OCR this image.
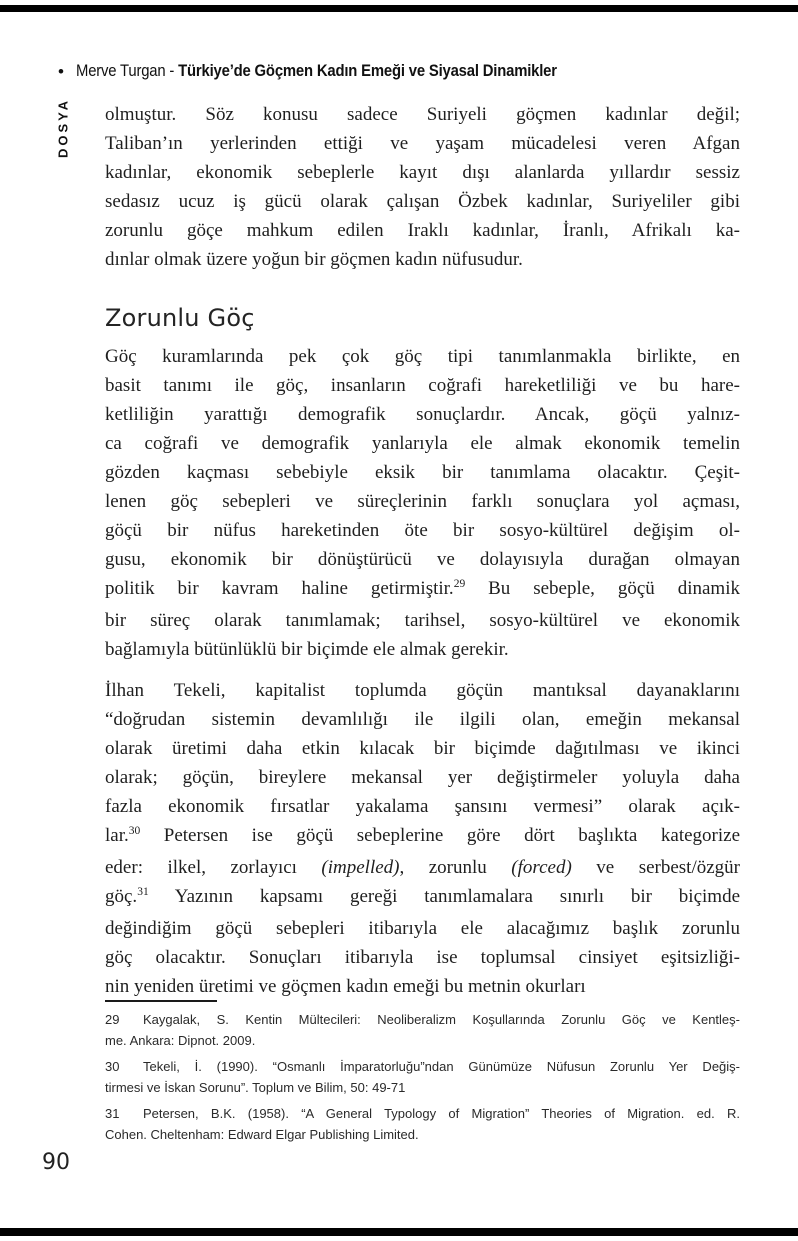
• Merve Turgan - Türkiye’de Göçmen Kadın Emeği ve Siyasal Dinamikler
DOSYA olmuştur. Söz konusu sadece Suriyeli göçmen kadınlar değil;
Taliban’ın yerlerinden ettiği ve yaşam mücadelesi veren Afgan
kadınlar, ekonomik sebeplerle kayıt dışı alanlarda yıllardır sessiz
sedasız ucuz iş gücü olarak çalışan Özbek kadınlar, Suriyeliler gibi
zorunlu göçe mahkum edilen Iraklı kadınlar, İranlı, Afrikalı ka-
dınlar olmak üzere yoğun bir göçmen kadın nüfusudur.
Zorunlu Göç
Göç kuramlarında pek çok göç tipi tanımlanmakla birlikte, en
basit tanımı ile göç, insanların coğrafi hareketliliği ve bu hare-
ketliliğin yarattığı demografik sonuçlardır. Ancak, göçü yalnız-
ca coğrafi ve demografik yanlarıyla ele almak ekonomik temelin
gözden kaçması sebebiyle eksik bir tanımlama olacaktır. Çeşit-
lenen göç sebepleri ve süreçlerinin farklı sonuçlara yol açması,
göçü bir nüfus hareketinden öte bir sosyo-kültürel değişim ol-
gusu, ekonomik bir dönüştürücü ve dolayısıyla durağan olmayan
politik bir kavram haline getirmiştir.$^{29}$ Bu sebeple, göçü dinamik
bir süreç olarak tanımlamak; tarihsel, sosyo-kültürel ve ekonomik
bağlamıyla bütünlüklü bir biçimde ele almak gerekir.
İlhan Tekeli, kapitalist toplumda göçün mantıksal dayanaklarını
“doğrudan sistemin devamlılığı ile ilgili olan, emeğin mekansal
olarak üretimi daha etkin kılacak bir biçimde dağıtılması ve ikinci
olarak; göçün, bireylere mekansal yer değiştirmeler yoluyla daha
fazla ekonomik fırsatlar yakalama şansını vermesi” olarak açık-
lar.$^{30}$ Petersen ise göçü sebeplerine göre dört başlıkta kategorize
eder: ilkel, zorlayıcı (impelled), zorunlu (forced) ve serbest/özgür
göç.$^{31}$ Yazının kapsamı gereği tanımlamalara sınırlı bir biçimde
değindiğim göçü sebepleri itibarıyla ele alacağımız başlık zorunlu
göç olacaktır. Sonuçları itibarıyla ise toplumsal cinsiyet eşitsizliği-
nin yeniden üretimi ve göçmen kadın emeği bu metnin okurları
29 Kaygalak, S. Kentin Mültecileri: Neoliberalizm Koşullarında Zorunlu Göç ve Kentleş-
me. Ankara: Dipnot. 2009.
30 Tekeli, İ. (1990). “Osmanlı İmparatorluğu”ndan Günümüze Nüfusun Zorunlu Yer Değiş-
tirmesi ve İskan Sorunu”. Toplum ve Bilim, 50: 49-71
31 Petersen, B.K. (1958). “A General Typology of Migration” Theories of Migration. ed. R.
Cohen. Cheltenham: Edward Elgar Publishing Limited.
90
